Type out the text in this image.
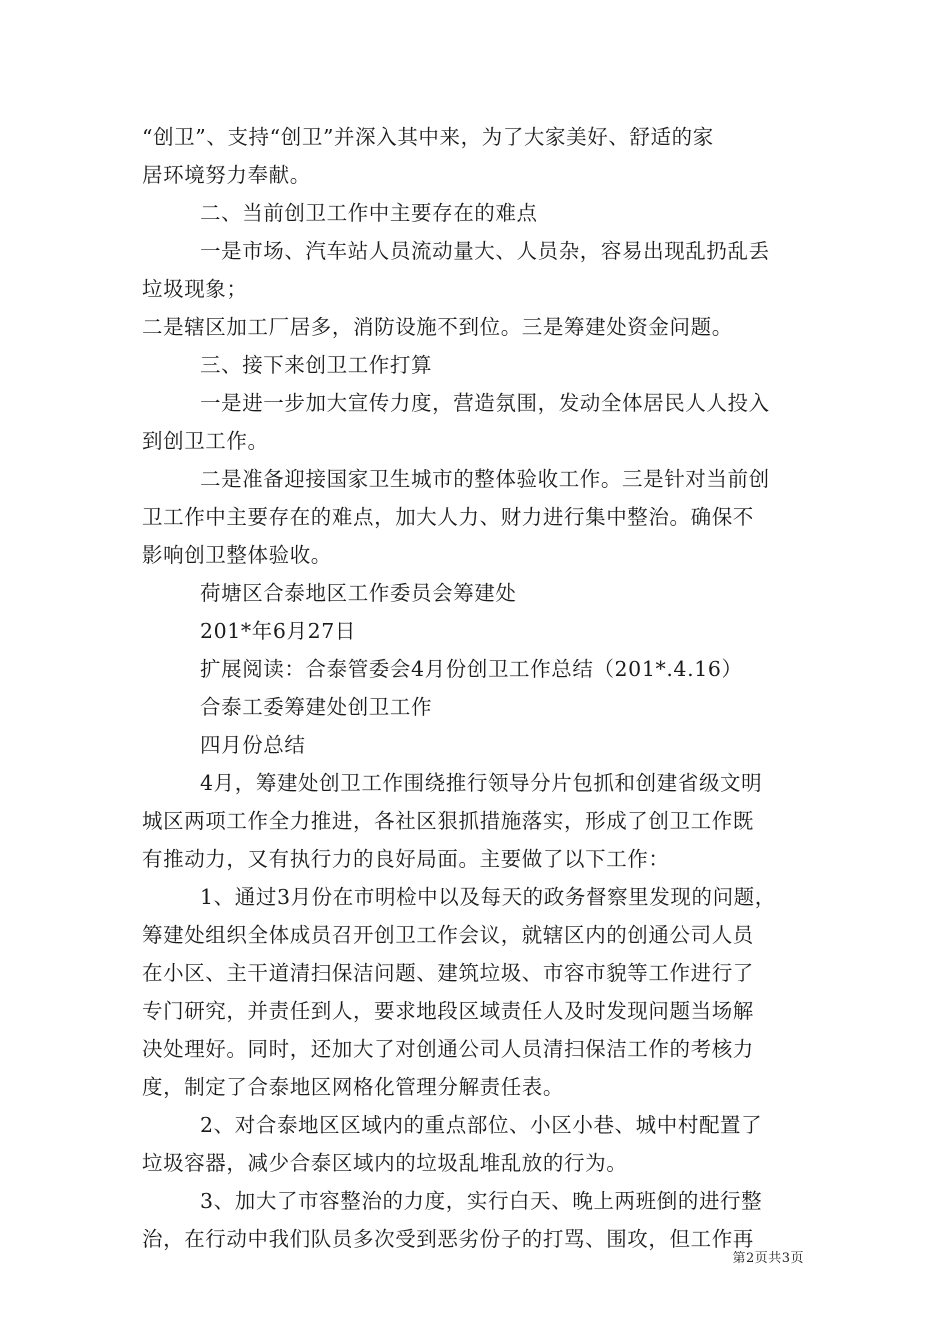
“创卫”、支持“创卫”并深入其中来，为了大家美好、舒适的家
居环境努力奉献。
二、当前创卫工作中主要存在的难点
一是市场、汽车站人员流动量大、人员杂，容易出现乱扔乱丢
垃圾现象；
二是辖区加工厂居多，消防设施不到位。三是筹建处资金问题。
三、接下来创卫工作打算
一是进一步加大宣传力度，营造氛围，发动全体居民人人投入
到创卫工作。
二是准备迎接国家卫生城市的整体验收工作。三是针对当前创
卫工作中主要存在的难点，加大人力、财力进行集中整治。确保不
影响创卫整体验收。
荷塘区合泰地区工作委员会筹建处
201*年6月27日
扩展阅读：合泰管委会4月份创卫工作总结（201*.4.16）
合泰工委筹建处创卫工作
四月份总结
4月，筹建处创卫工作围绕推行领导分片包抓和创建省级文明
城区两项工作全力推进，各社区狠抓措施落实，形成了创卫工作既
有推动力，又有执行力的良好局面。主要做了以下工作：
1、通过3月份在市明检中以及每天的政务督察里发现的问题，
筹建处组织全体成员召开创卫工作会议，就辖区内的创通公司人员
在小区、主干道清扫保洁问题、建筑垃圾、市容市貌等工作进行了
专门研究，并责任到人，要求地段区域责任人及时发现问题当场解
决处理好。同时，还加大了对创通公司人员清扫保洁工作的考核力
度，制定了合泰地区网格化管理分解责任表。
2、对合泰地区区域内的重点部位、小区小巷、城中村配置了
垃圾容器，减少合泰区域内的垃圾乱堆乱放的行为。
3、加大了市容整治的力度，实行白天、晚上两班倒的进行整
治，在行动中我们队员多次受到恶劣份子的打骂、围攻，但工作再
第2页共3页
